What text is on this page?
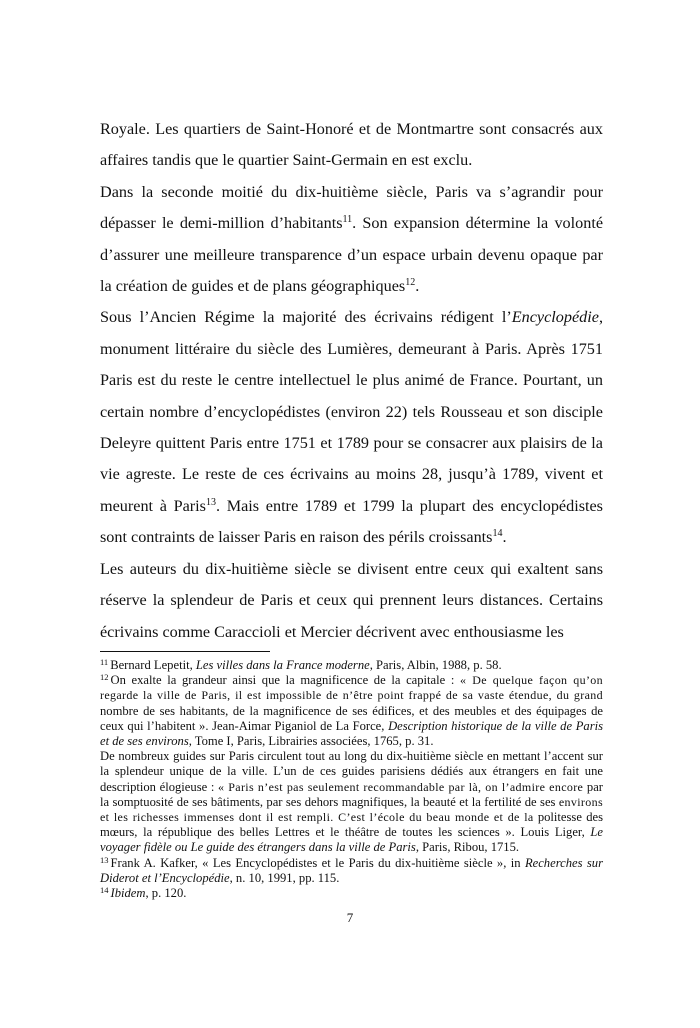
Royale. Les quartiers de Saint-Honoré et de Montmartre sont consacrés aux affaires tandis que le quartier Saint-Germain en est exclu.

Dans la seconde moitié du dix-huitième siècle, Paris va s’agrandir pour dépasser le demi-million d’habitants$^{11}$. Son expansion détermine la volonté d’assurer une meilleure transparence d’un espace urbain devenu opaque par la création de guides et de plans géographiques$^{12}$.

Sous l’Ancien Régime la majorité des écrivains rédigent l’Encyclopédie, monument littéraire du siècle des Lumières, demeurant à Paris. Après 1751 Paris est du reste le centre intellectuel le plus animé de France. Pourtant, un certain nombre d’encyclopédistes (environ 22) tels Rousseau et son disciple Deleyre quittent Paris entre 1751 et 1789 pour se consacrer aux plaisirs de la vie agreste. Le reste de ces écrivains au moins 28, jusqu’à 1789, vivent et meurent à Paris$^{13}$. Mais entre 1789 et 1799 la plupart des encyclopédistes sont contraints de laisser Paris en raison des périls croissants$^{14}$.

Les auteurs du dix-huitième siècle se divisent entre ceux qui exaltent sans réserve la splendeur de Paris et ceux qui prennent leurs distances. Certains écrivains comme Caraccioli et Mercier décrivent avec enthousiasme les

$^{11}$ Bernard Lepetit, Les villes dans la France moderne, Paris, Albin, 1988, p. 58.

$^{12}$ On exalte la grandeur ainsi que la magnificence de la capitale : « De quelque façon qu’on regarde la ville de Paris, il est impossible de n’être point frappé de sa vaste étendue, du grand nombre de ses habitants, de la magnificence de ses édifices, et des meubles et des équipages de ceux qui l’habitent ». Jean-Aimar Piganiol de La Force, Description historique de la ville de Paris et de ses environs, Tome I, Paris, Librairies associées, 1765, p. 31.

De nombreux guides sur Paris circulent tout au long du dix-huitième siècle en mettant l’accent sur la splendeur unique de la ville. L’un de ces guides parisiens dédiés aux étrangers en fait une description élogieuse : « Paris n’est pas seulement recommandable par là, on l’admire encore par la somptuosité de ses bâtiments, par ses dehors magnifiques, la beauté et la fertilité de ses environs et les richesses immenses dont il est rempli. C’est l’école du beau monde et de la politesse des mœurs, la république des belles Lettres et le théâtre de toutes les sciences ». Louis Liger, Le voyager fidèle ou Le guide des étrangers dans la ville de Paris, Paris, Ribou, 1715.

$^{13}$ Frank A. Kafker, « Les Encyclopédistes et le Paris du dix-huitième siècle », in Recherches sur Diderot et l’Encyclopédie, n. 10, 1991, pp. 115.

$^{14}$ Ibidem, p. 120.

7
